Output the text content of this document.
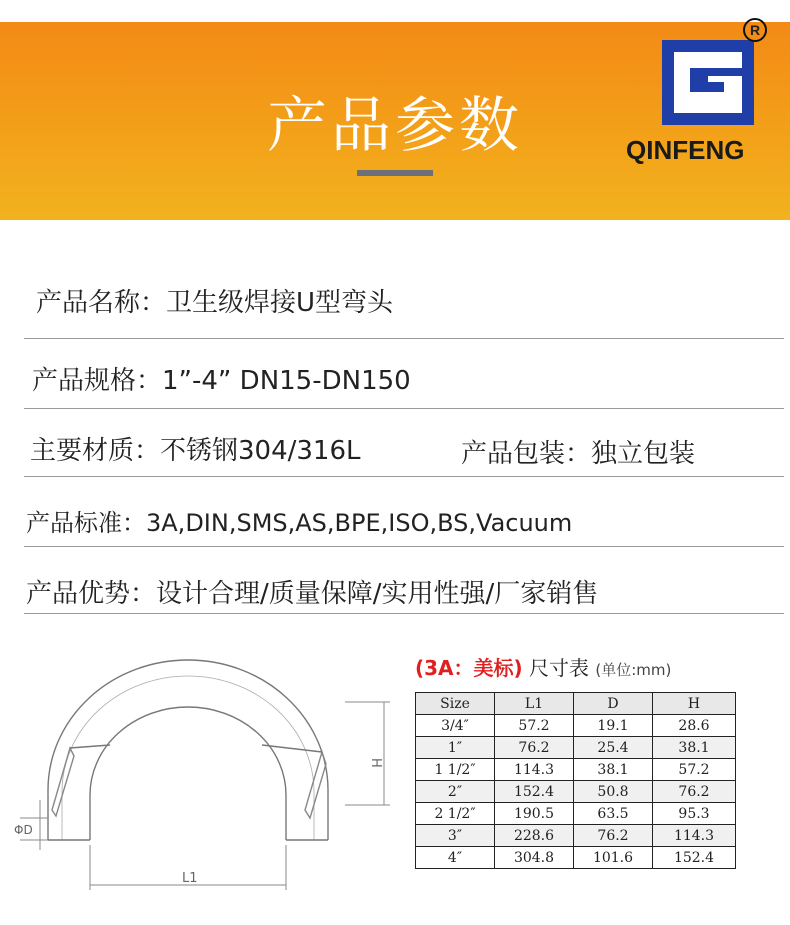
产品参数
R
QINFENG
产品名称：卫生级焊接U型弯头
产品规格：1”-4” DN15-DN150
主要材质：不锈钢304/316L	产品包装：独立包装
产品标准：3A,DIN,SMS,AS,BPE,ISO,BS,Vacuum
产品优势：设计合理/质量保障/实用性强/厂家销售
H
ΦD
L1
(3A：美标) 尺寸表 (单位:mm)
Size	L1	D	H
3/4″	57.2	19.1	28.6
1″	76.2	25.4	38.1
1 1/2″	114.3	38.1	57.2
2″	152.4	50.8	76.2
2 1/2″	190.5	63.5	95.3
3″	228.6	76.2	114.3
4″	304.8	101.6	152.4
